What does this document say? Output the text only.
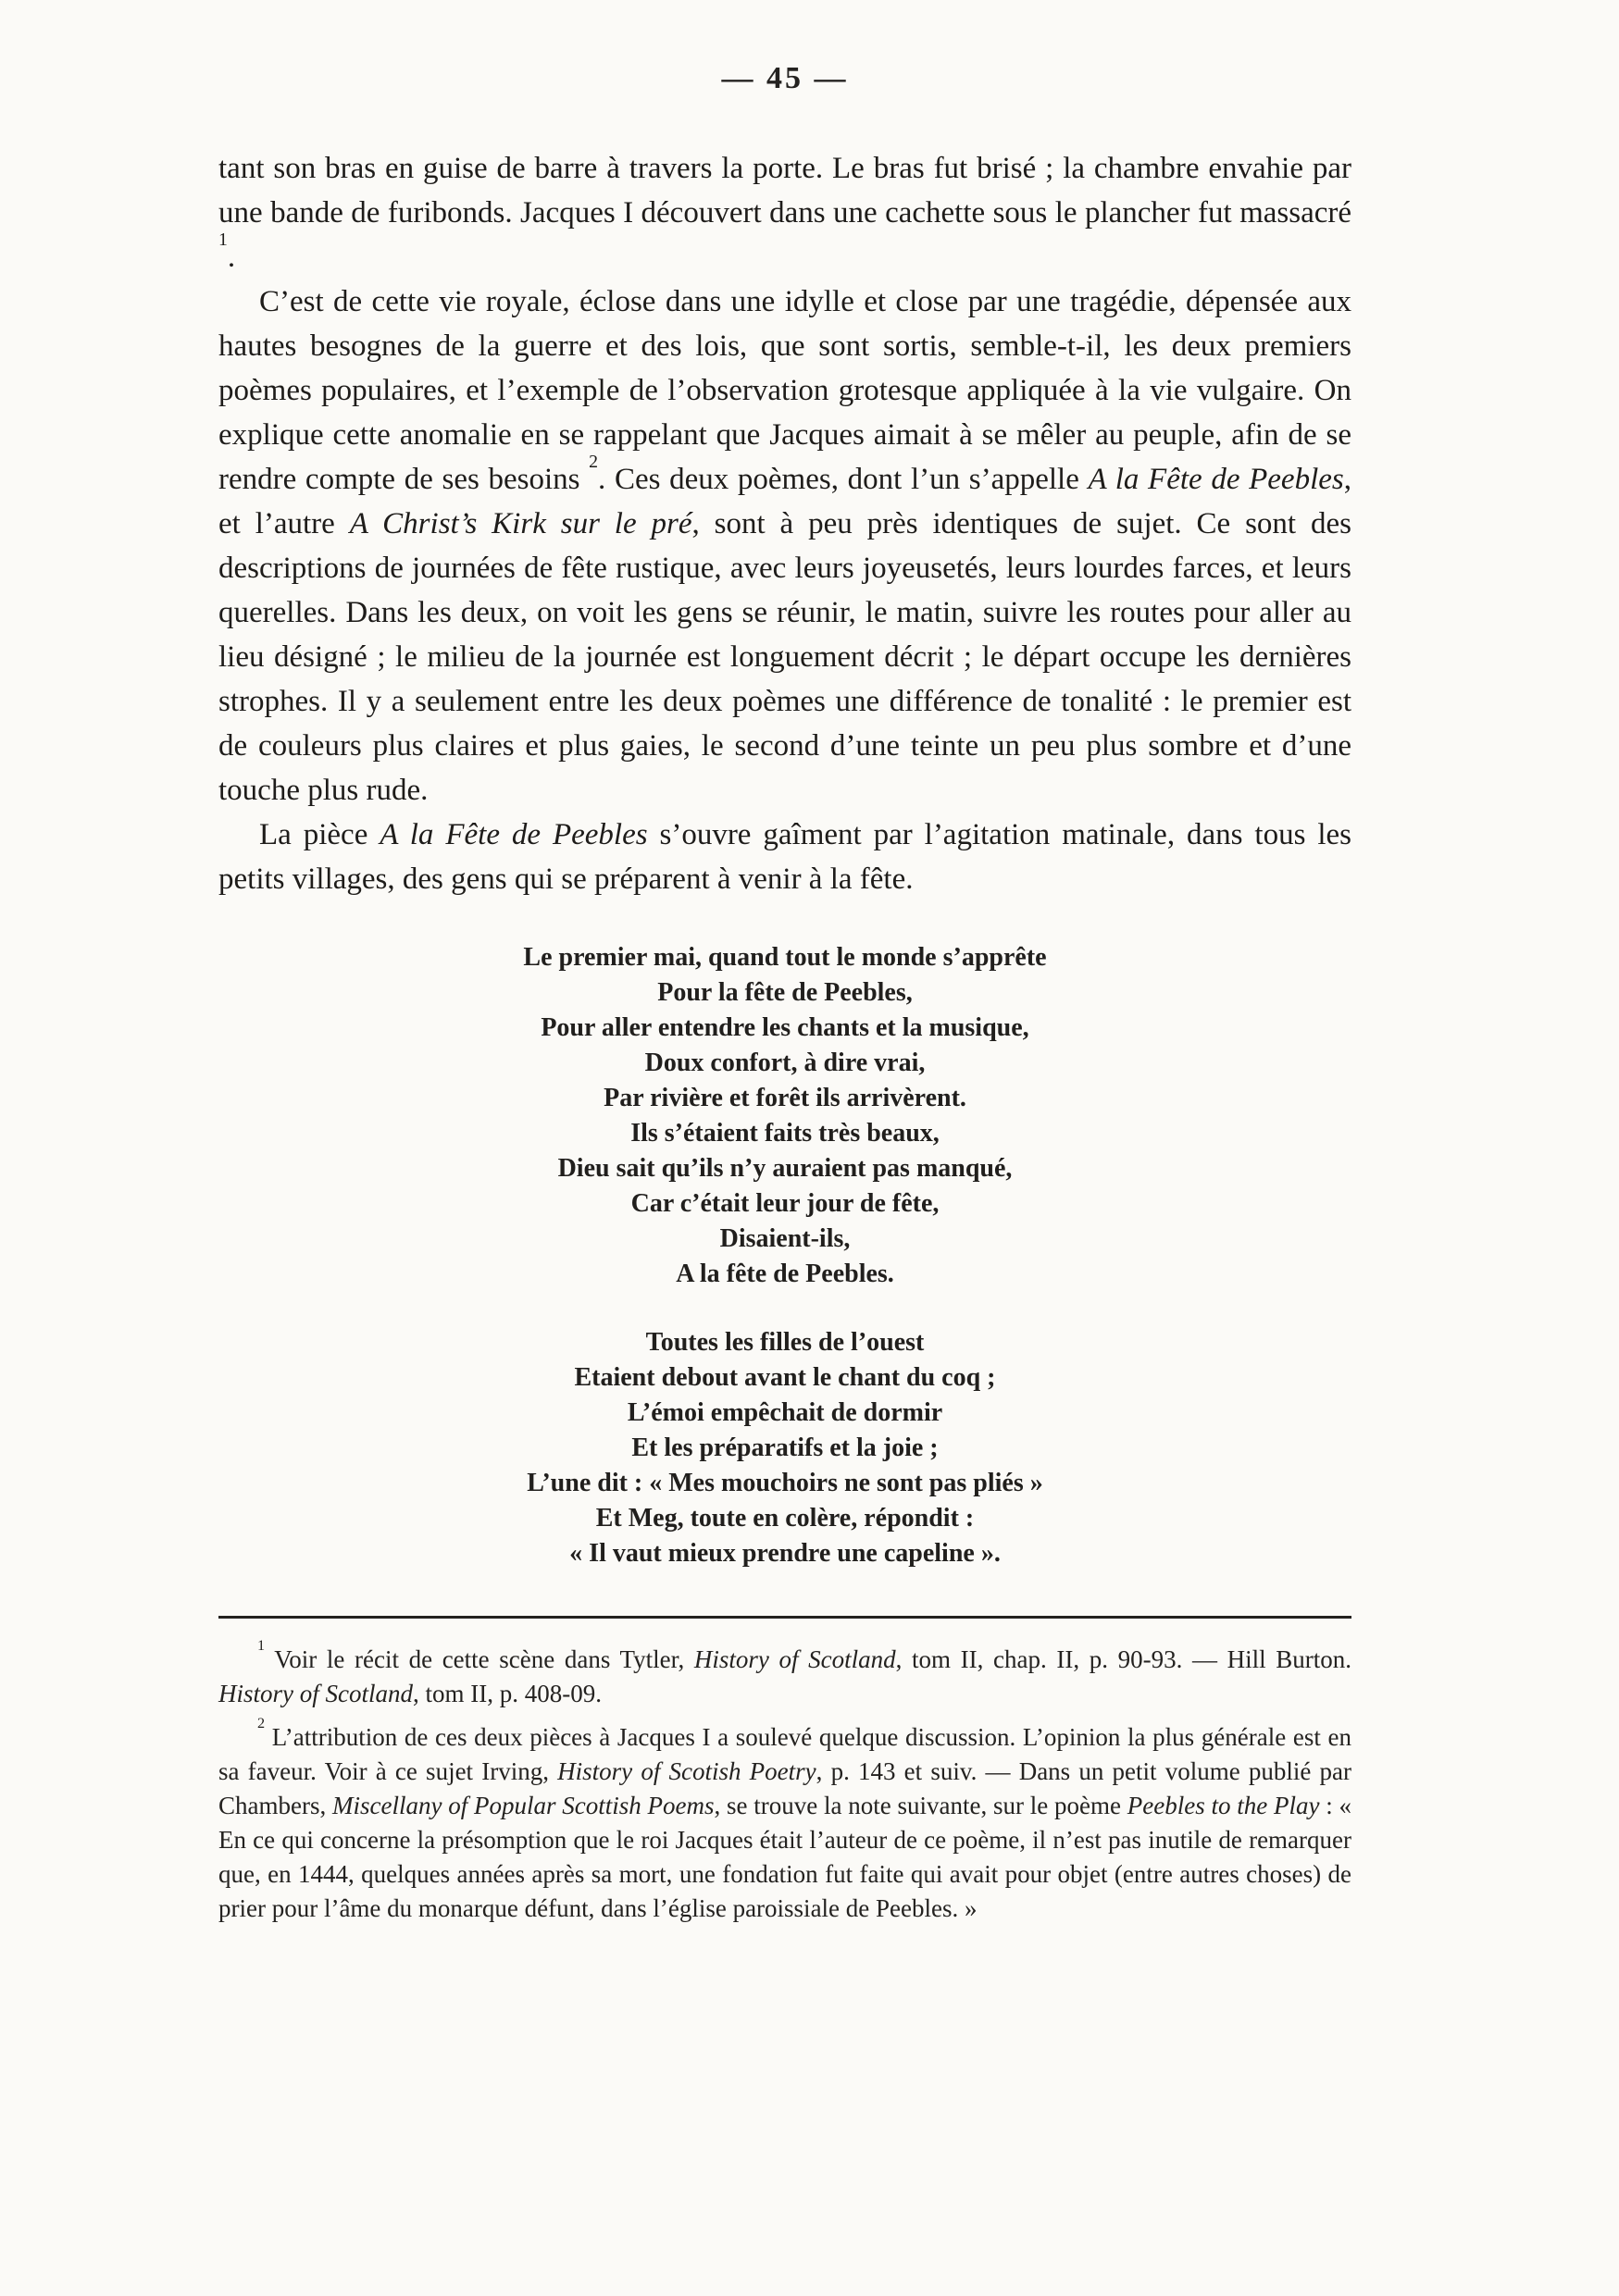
— 45 —

tant son bras en guise de barre à travers la porte. Le bras fut brisé ; la chambre envahie par une bande de furibonds. Jacques I découvert dans une cachette sous le plancher fut massacré $^1$.

C’est de cette vie royale, éclose dans une idylle et close par une tragédie, dépensée aux hautes besognes de la guerre et des lois, que sont sortis, semble-t-il, les deux premiers poèmes populaires, et l’exemple de l’observation grotesque appliquée à la vie vulgaire. On explique cette anomalie en se rappelant que Jacques aimait à se mêler au peuple, afin de se rendre compte de ses besoins $^2$. Ces deux poèmes, dont l’un s’appelle A la Fête de Peebles, et l’autre A Christ’s Kirk sur le pré, sont à peu près identiques de sujet. Ce sont des descriptions de journées de fête rustique, avec leurs joyeusetés, leurs lourdes farces, et leurs querelles. Dans les deux, on voit les gens se réunir, le matin, suivre les routes pour aller au lieu désigné ; le milieu de la journée est longuement décrit ; le départ occupe les dernières strophes. Il y a seulement entre les deux poèmes une différence de tonalité : le premier est de couleurs plus claires et plus gaies, le second d’une teinte un peu plus sombre et d’une touche plus rude.

La pièce A la Fête de Peebles s’ouvre gaîment par l’agitation matinale, dans tous les petits villages, des gens qui se préparent à venir à la fête.

Le premier mai, quand tout le monde s’apprête
Pour la fête de Peebles,
Pour aller entendre les chants et la musique,
Doux confort, à dire vrai,
Par rivière et forêt ils arrivèrent.
Ils s’étaient faits très beaux,
Dieu sait qu’ils n’y auraient pas manqué,
Car c’était leur jour de fête,
Disaient-ils,
A la fête de Peebles.
Toutes les filles de l’ouest
Etaient debout avant le chant du coq ;
L’émoi empêchait de dormir
Et les préparatifs et la joie ;
L’une dit : « Mes mouchoirs ne sont pas pliés »
Et Meg, toute en colère, répondit :
« Il vaut mieux prendre une capeline ».

$^1$ Voir le récit de cette scène dans Tytler, History of Scotland, tom II, chap. II, p. 90-93. — Hill Burton. History of Scotland, tom II, p. 408-09.

$^2$ L’attribution de ces deux pièces à Jacques I a soulevé quelque discussion. L’opinion la plus générale est en sa faveur. Voir à ce sujet Irving, History of Scotish Poetry, p. 143 et suiv. — Dans un petit volume publié par Chambers, Miscellany of Popular Scottish Poems, se trouve la note suivante, sur le poème Peebles to the Play : « En ce qui concerne la présomption que le roi Jacques était l’auteur de ce poème, il n’est pas inutile de remarquer que, en 1444, quelques années après sa mort, une fondation fut faite qui avait pour objet (entre autres choses) de prier pour l’âme du monarque défunt, dans l’église paroissiale de Peebles. »
